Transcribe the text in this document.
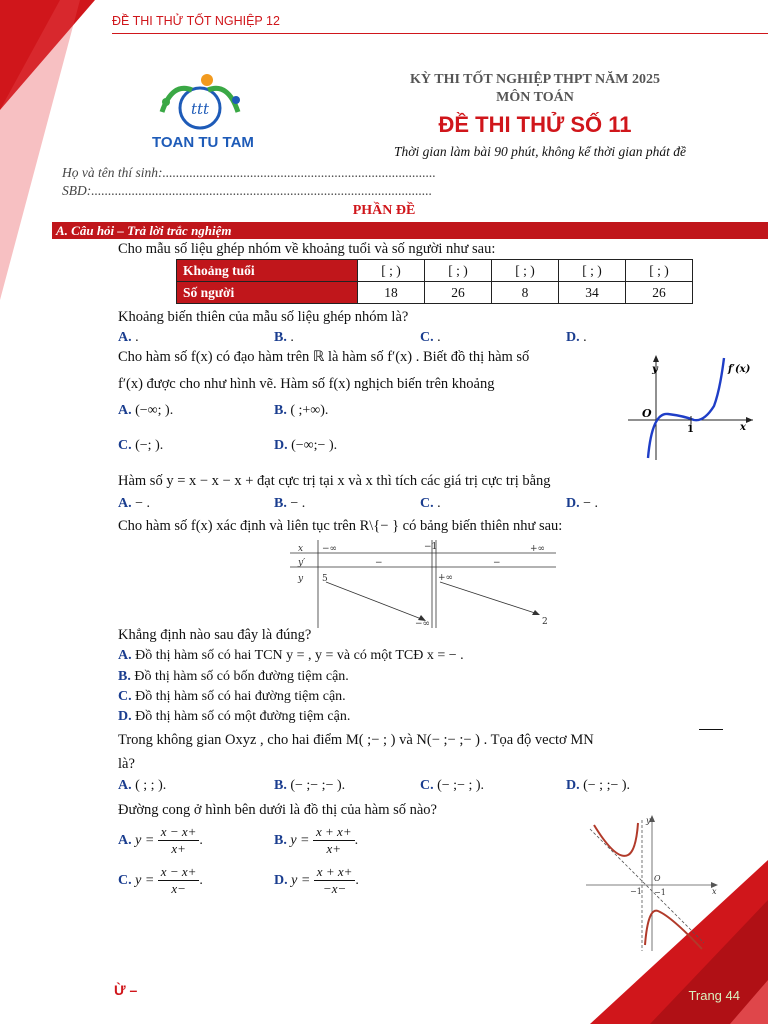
ĐỀ THI THỬ TỐT NGHIỆP 12
ttt
TOAN TU TAM
KỲ THI TỐT NGHIỆP THPT NĂM 2025
MÔN TOÁN
ĐỀ THI THỬ SỐ 11
Thời gian làm bài 90 phút, không kể thời gian phát đề
Họ và tên thí sinh:.................................................................................
SBD:.....................................................................................................
PHẦN ĐỀ
A. Câu hỏi – Trả lời trắc nghiệm
Cho mẫu số liệu ghép nhóm về khoảng tuổi và số người như sau:
Khoảng tuổi	[ ; )	[ ; )	[ ; )	[ ; )	[ ; )
Số người	18	26	8	34	26
Khoảng biến thiên của mẫu số liệu ghép nhóm là?
A. .	B. .	C. .	D. .
Cho hàm số f(x) có đạo hàm trên ℝ là hàm số f′(x) . Biết đồ thị hàm số
f′(x) được cho như hình vẽ. Hàm số f(x) nghịch biến trên khoảng
A. (−∞; ).	B. ( ;+∞).
C. (−; ).	D. (−∞;− ).
y
x
O
1
f′(x)
Hàm số y = x − x − x + đạt cực trị tại x và x thì tích các giá trị cực trị bằng
A. − .	B. − .	C. .	D. − .
Cho hàm số f(x) xác định và liên tục trên R\{− } có bảng biến thiên như sau:
x
y′
y
−∞	−1	+∞
−	−
5	+∞
−∞	2
Khẳng định nào sau đây là đúng?
A. Đồ thị hàm số có hai TCN y = , y = và có một TCĐ x = − .
B. Đồ thị hàm số có bốn đường tiệm cận.
C. Đồ thị hàm số có hai đường tiệm cận.
D. Đồ thị hàm số có một đường tiệm cận.
Trong không gian Oxyz , cho hai điểm M( ;− ; ) và N(− ;− ;− ) . Tọa độ vectơ MN
là?
A. ( ; ; ).	B. (− ;− ;− ).	C. (− ;− ; ).	D. (− ; ;− ).
Đường cong ở hình bên dưới là đồ thị của hàm số nào?
A. $y = \frac{x - x+}{x+}$ .	B. $y = \frac{x + x+}{x+}$ .
C. $y = \frac{x - x+}{x-}$ .	D. $y = \frac{x + x+}{-x-}$ .
y
x
O
−1 −1
Ừ –	Trang 44
